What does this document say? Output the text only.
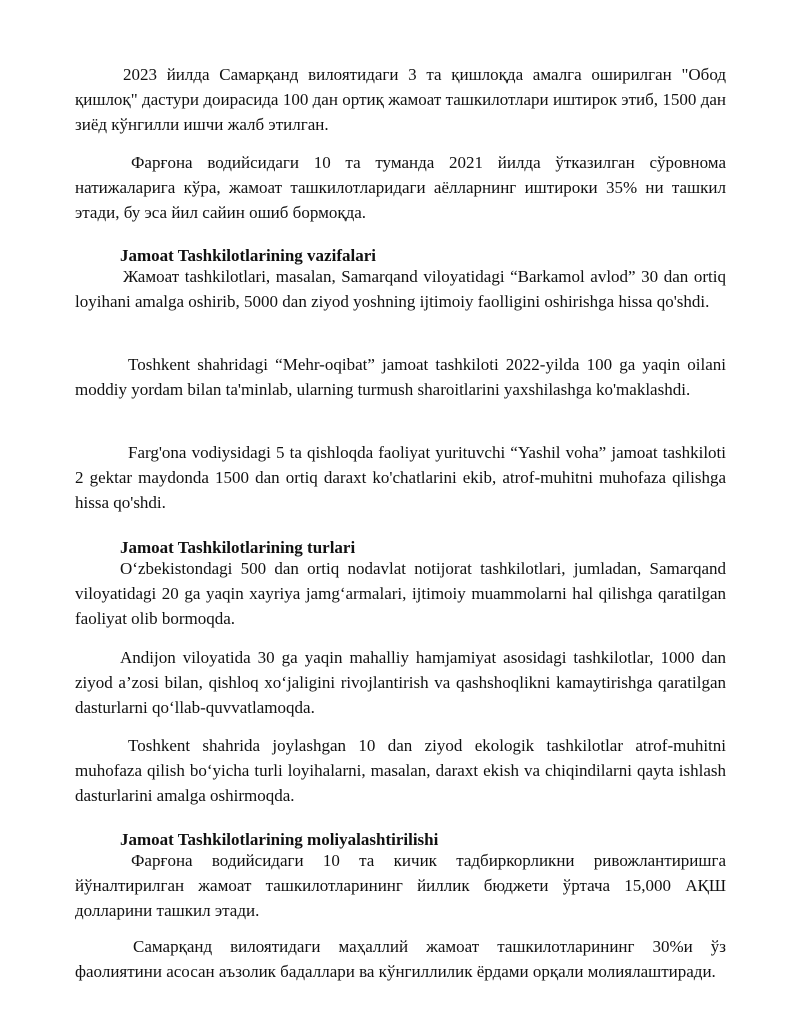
2023 йилда Самарқанд вилоятидаги 3 та қишлоқда амалга оширилган "Обод қишлоқ" дастури доирасида 100 дан ортиқ жамоат ташкилотлари иштирок этиб, 1500 дан зиёд кўнгилли ишчи жалб этилган.

Фарғона водийсидаги 10 та туманда 2021 йилда ўтказилган сўровнома натижаларига кўра, жамоат ташкилотларидаги аёлларнинг иштироки 35% ни ташкил этади, бу эса йил сайин ошиб бормоқда.

Jamoat Tashkilotlarining vazifalari

Жамоат tashkilotlari, masalan, Samarqand viloyatidagi “Barkamol avlod” 30 dan ortiq loyihani amalga oshirib, 5000 dan ziyod yoshning ijtimoiy faolligini oshirishga hissa qo'shdi.

Toshkent shahridagi “Mehr-oqibat” jamoat tashkiloti 2022-yilda 100 ga yaqin oilani moddiy yordam bilan ta'minlab, ularning turmush sharoitlarini yaxshilashga ko'maklashdi.

Farg'ona vodiysidagi 5 ta qishloqda faoliyat yurituvchi “Yashil voha” jamoat tashkiloti 2 gektar maydonda 1500 dan ortiq daraxt ko'chatlarini ekib, atrof-muhitni muhofaza qilishga hissa qo'shdi.

Jamoat Tashkilotlarining turlari

O‘zbekistondagi 500 dan ortiq nodavlat notijorat tashkilotlari, jumladan, Samarqand viloyatidagi 20 ga yaqin xayriya jamg‘armalari, ijtimoiy muammolarni hal qilishga qaratilgan faoliyat olib bormoqda.

Andijon viloyatida 30 ga yaqin mahalliy hamjamiyat asosidagi tashkilotlar, 1000 dan ziyod a’zosi bilan, qishloq xo‘jaligini rivojlantirish va qashshoqlikni kamaytirishga qaratilgan dasturlarni qo‘llab-quvvatlamoqda.

Toshkent shahrida joylashgan 10 dan ziyod ekologik tashkilotlar atrof-muhitni muhofaza qilish bo‘yicha turli loyihalarni, masalan, daraxt ekish va chiqindilarni qayta ishlash dasturlarini amalga oshirmoqda.

Jamoat Tashkilotlarining moliyalashtirilishi

Фарғона водийсидаги 10 та кичик тадбиркорликни ривожлантиришга йўналтирилган жамоат ташкилотларининг йиллик бюджети ўртача 15,000 АҚШ долларини ташкил этади.

Самарқанд вилоятидаги маҳаллий жамоат ташкилотларининг 30%и ўз фаолиятини асосан аъзолик бадаллари ва кўнгиллилик ёрдами орқали молиялаштиради.
